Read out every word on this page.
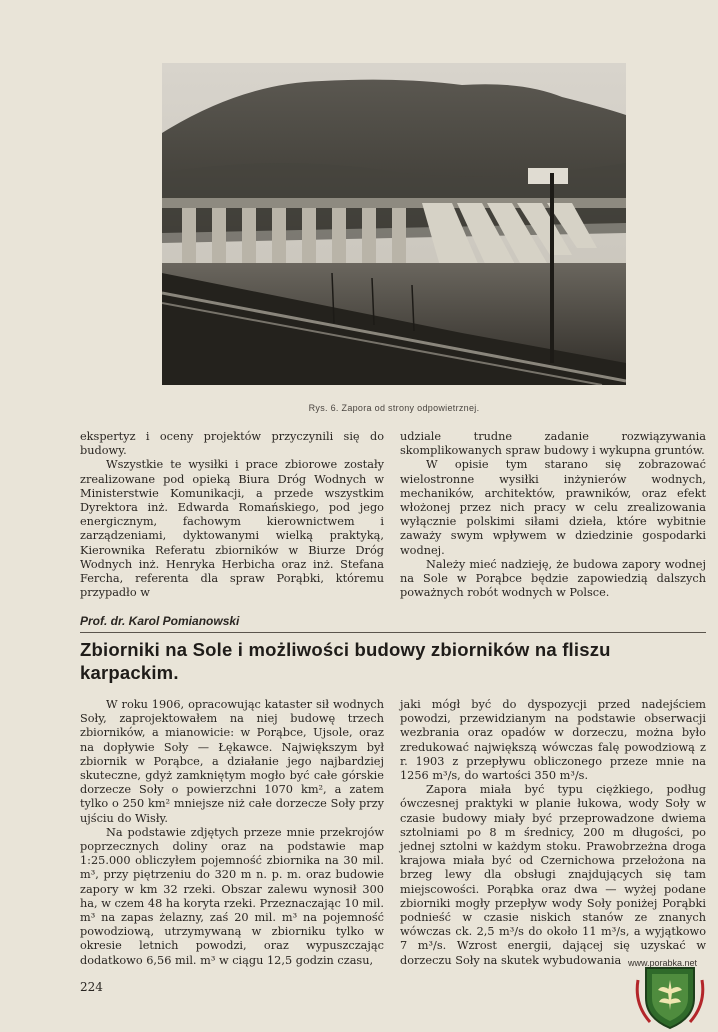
Rys. 6. Zapora od strony odpowietrznej.

ekspertyz i oceny projektów przyczynili się do budowy.

Wszystkie te wysiłki i prace zbiorowe zostały zrealizowane pod opieką Biura Dróg Wodnych w Ministerstwie Komunikacji, a przede wszystkim Dyrektora inż. Edwarda Romańskiego, pod jego energicznym, fachowym kierownictwem i zarządzeniami, dyktowanymi wielką praktyką, Kierownika Referatu zbiorników w Biurze Dróg Wodnych inż. Henryka Herbicha oraz inż. Stefana Fercha, referenta dla spraw Porąbki, któremu przypadło w

udziale trudne zadanie rozwiązywania skomplikowanych spraw budowy i wykupna gruntów.

W opisie tym starano się zobrazować wielostronne wysiłki inżynierów wodnych, mechaników, architektów, prawników, oraz efekt włożonej przez nich pracy w celu zrealizowania wyłącznie polskimi siłami dzieła, które wybitnie zaważy swym wpływem w dziedzinie gospodarki wodnej.

Należy mieć nadzieję, że budowa zapory wodnej na Sole w Porąbce będzie zapowiedzią dalszych poważnych robót wodnych w Polsce.

Prof. dr. Karol Pomianowski
Zbiorniki na Sole i możliwości budowy zbiorników na fliszu karpackim.

W roku 1906, opracowując kataster sił wodnych Soły, zaprojektowałem na niej budowę trzech zbiorników, a mianowicie: w Porąbce, Ujsole, oraz na dopływie Soły — Łękawce. Największym był zbiornik w Porąbce, a działanie jego najbardziej skuteczne, gdyż zamkniętym mogło być całe górskie dorzecze Soły o powierzchni 1070 km², a zatem tylko o 250 km² mniejsze niż całe dorzecze Soły przy ujściu do Wisły.

Na podstawie zdjętych przeze mnie przekrojów poprzecznych doliny oraz na podstawie map 1:25.000 obliczyłem pojemność zbiornika na 30 mil. m³, przy piętrzeniu do 320 m n. p. m. oraz budowie zapory w km 32 rzeki. Obszar zalewu wynosił 300 ha, w czem 48 ha koryta rzeki. Przeznaczając 10 mil. m³ na zapas żelazny, zaś 20 mil. m³ na pojemność powodziową, utrzymywaną w zbiorniku tylko w okresie letnich powodzi, oraz wypuszczając dodatkowo 6,56 mil. m³ w ciągu 12,5 godzin czasu,

jaki mógł być do dyspozycji przed nadejściem powodzi, przewidzianym na podstawie obserwacji wezbrania oraz opadów w dorzeczu, można było zredukować największą wówczas falę powodziową z r. 1903 z przepływu obliczonego przeze mnie na 1256 m³/s, do wartości 350 m³/s.

Zapora miała być typu ciężkiego, podług ówczesnej praktyki w planie łukowa, wody Soły w czasie budowy miały być przeprowadzone dwiema sztolniami po 8 m średnicy, 200 m długości, po jednej sztolni w każdym stoku. Prawobrzeżna droga krajowa miała być od Czernichowa przełożona na brzeg lewy dla obsługi znajdujących się tam miejscowości. Porąbka oraz dwa — wyżej podane zbiorniki mogły przepływ wody Soły poniżej Porąbki podnieść w czasie niskich stanów ze znanych wówczas ck. 2,5 m³/s do około 11 m³/s, a wyjątkowo 7 m³/s. Wzrost energii, dającej się uzyskać w dorzeczu Soły na skutek wybudowania

224
www.porabka.net
